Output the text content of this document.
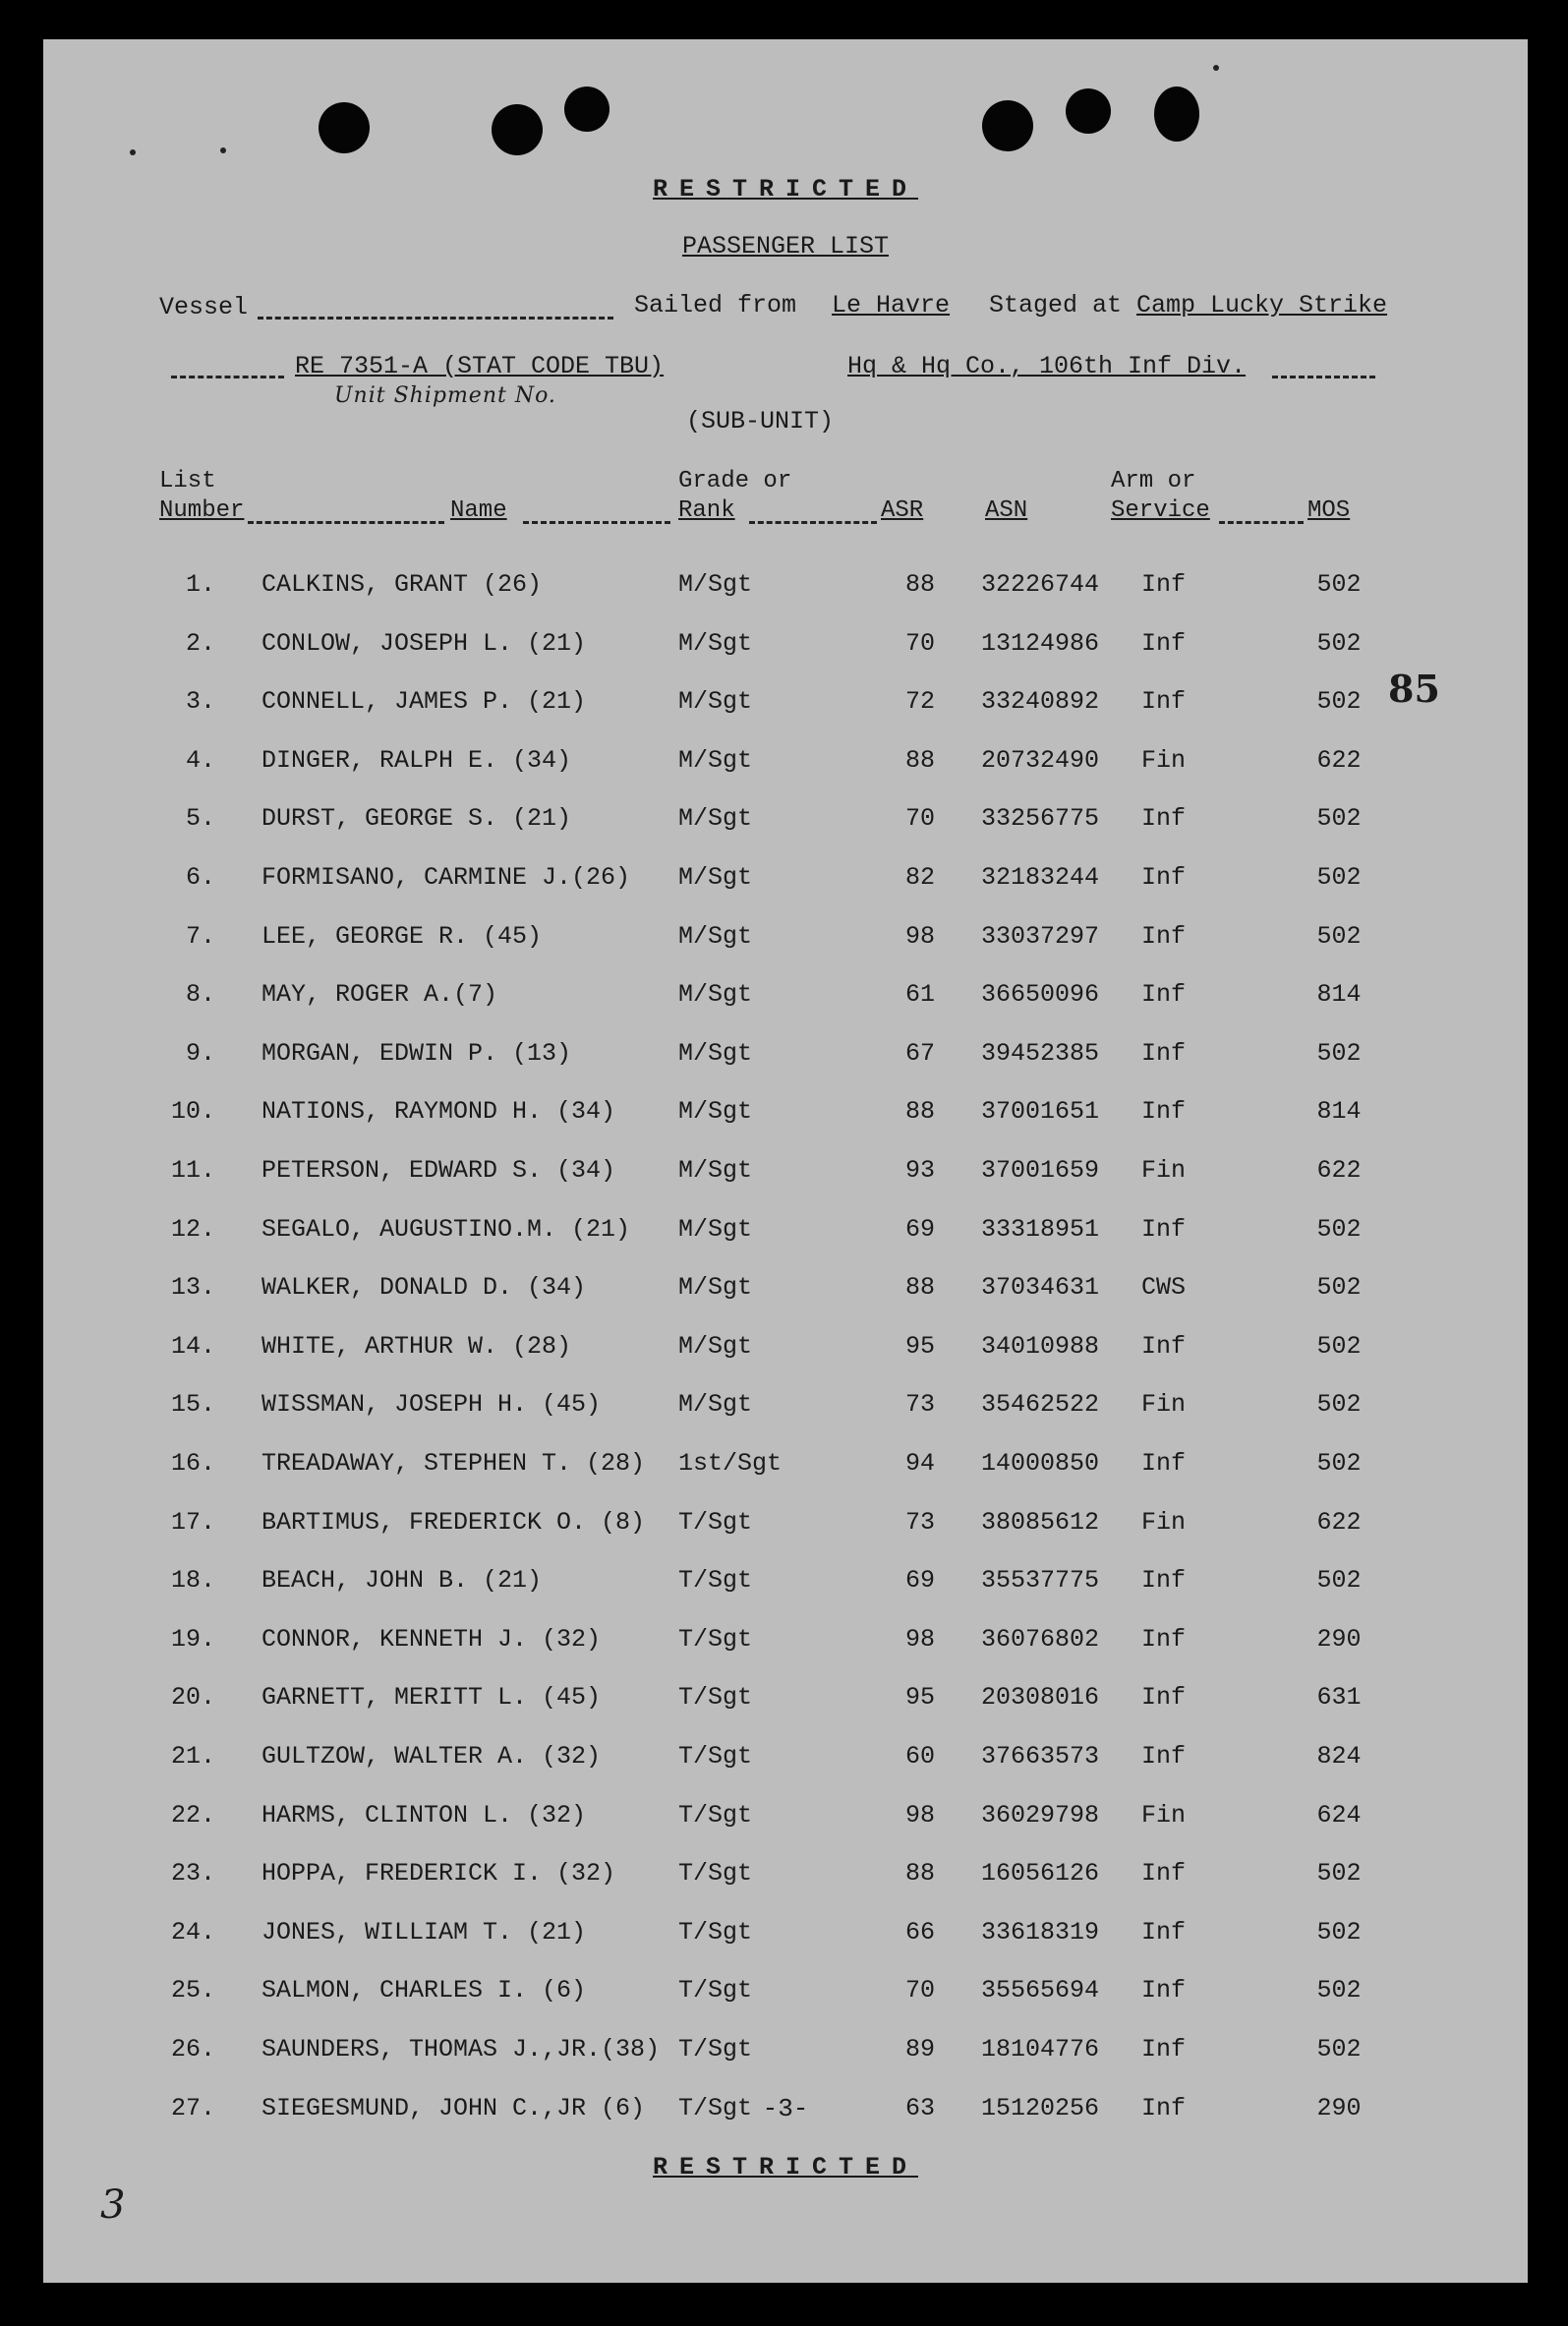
RESTRICTED
PASSENGER LIST
Vessel	Sailed from Le Havre Staged at Camp Lucky Strike
RE 7351-A (STAT CODE TBU)
Unit Shipment No.
Hq & Hq Co., 106th Inf Div.
(SUB-UNIT)
List
Number	Name
Grade or
Rank	ASR	ASN
Arm or
Service	MOS
1. CALKINS, GRANT (26)	M/Sgt	88	32226744 Inf	502
2. CONLOW, JOSEPH L. (21)	M/Sgt	70	13124986 Inf	502
3. CONNELL, JAMES P. (21)	M/Sgt	72	33240892 Inf	502
4. DINGER, RALPH E. (34)	M/Sgt	88	20732490 Fin	622
5. DURST, GEORGE S. (21)	M/Sgt	70	33256775 Inf	502
6. FORMISANO, CARMINE J.(26) M/Sgt	82	32183244 Inf	502
7. LEE, GEORGE R. (45)	M/Sgt	98	33037297 Inf	502
8. MAY, ROGER A.(7)	M/Sgt	61	36650096 Inf	814
9. MORGAN, EDWIN P. (13)	M/Sgt	67	39452385 Inf	502
10. NATIONS, RAYMOND H. (34)	M/Sgt	88	37001651 Inf	814
11. PETERSON, EDWARD S. (34)	M/Sgt	93	37001659 Fin	622
12. SEGALO, AUGUSTINO.M. (21) M/Sgt	69	33318951 Inf	502
13. WALKER, DONALD D. (34)	M/Sgt	88	37034631 CWS	502
14. WHITE, ARTHUR W. (28)	M/Sgt	95	34010988 Inf	502
15. WISSMAN, JOSEPH H. (45)	M/Sgt	73	35462522 Fin	502
16. TREADAWAY, STEPHEN T. (28) 1st/Sgt	94	14000850 Inf	502
17. BARTIMUS, FREDERICK O. (8) T/Sgt	73	38085612 Fin	622
18. BEACH, JOHN B. (21)	T/Sgt	69	35537775 Inf	502
19. CONNOR, KENNETH J. (32)	T/Sgt	98	36076802 Inf	290
20. GARNETT, MERITT L. (45)	T/Sgt	95	20308016 Inf	631
21. GULTZOW, WALTER A. (32)	T/Sgt	60	37663573 Inf	824
22. HARMS, CLINTON L. (32)	T/Sgt	98	36029798 Fin	624
23. HOPPA, FREDERICK I. (32)	T/Sgt	88	16056126 Inf	502
24. JONES, WILLIAM T. (21)	T/Sgt	66	33618319 Inf	502
25. SALMON, CHARLES I. (6)	T/Sgt	70	35565694 Inf	502
26. SAUNDERS, THOMAS J.,JR.(38) T/Sgt	89	18104776 Inf	502
27. SIEGESMUND, JOHN C.,JR (6) T/Sgt	63	15120256 Inf	290
85
-3-
RESTRICTED
3
